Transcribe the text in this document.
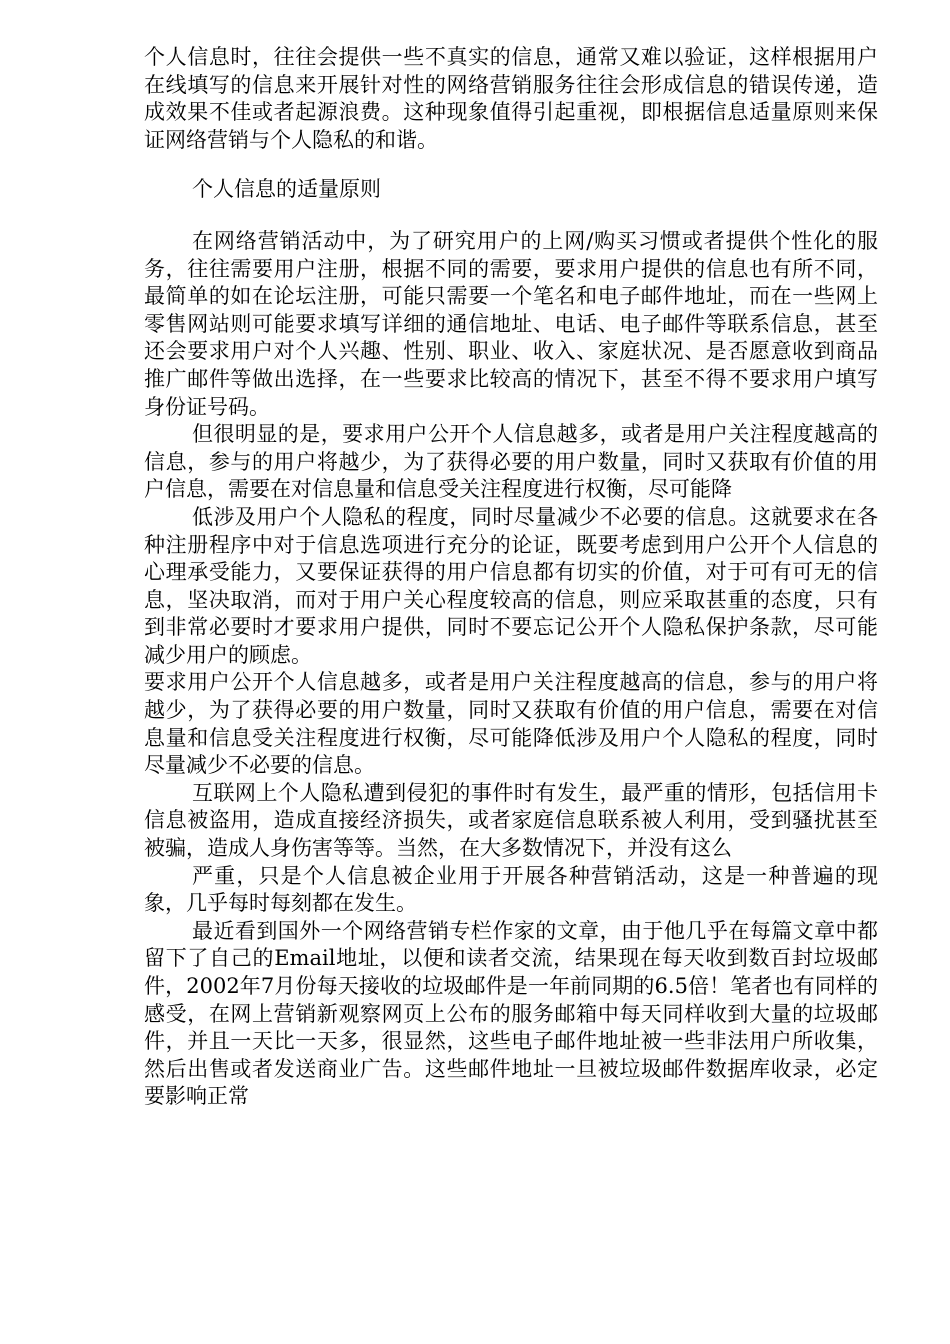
个人信息时，往往会提供一些不真实的信息，通常又难以验证，这样根据用户在线填写的信息来开展针对性的网络营销服务往往会形成信息的错误传递，造成效果不佳或者起源浪费。这种现象值得引起重视，即根据信息适量原则来保证网络营销与个人隐私的和谐。

个人信息的适量原则

在网络营销活动中，为了研究用户的上网/购买习惯或者提供个性化的服务，往往需要用户注册，根据不同的需要，要求用户提供的信息也有所不同，最简单的如在论坛注册，可能只需要一个笔名和电子邮件地址，而在一些网上零售网站则可能要求填写详细的通信地址、电话、电子邮件等联系信息，甚至还会要求用户对个人兴趣、性别、职业、收入、家庭状况、是否愿意收到商品推广邮件等做出选择，在一些要求比较高的情况下，甚至不得不要求用户填写身份证号码。

但很明显的是，要求用户公开个人信息越多，或者是用户关注程度越高的信息，参与的用户将越少，为了获得必要的用户数量，同时又获取有价值的用户信息，需要在对信息量和信息受关注程度进行权衡，尽可能降

低涉及用户个人隐私的程度，同时尽量减少不必要的信息。这就要求在各种注册程序中对于信息选项进行充分的论证，既要考虑到用户公开个人信息的心理承受能力，又要保证获得的用户信息都有切实的价值，对于可有可无的信息，坚决取消，而对于用户关心程度较高的信息，则应采取甚重的态度，只有到非常必要时才要求用户提供，同时不要忘记公开个人隐私保护条款，尽可能减少用户的顾虑。

要求用户公开个人信息越多，或者是用户关注程度越高的信息，参与的用户将越少，为了获得必要的用户数量，同时又获取有价值的用户信息，需要在对信息量和信息受关注程度进行权衡，尽可能降低涉及用户个人隐私的程度，同时尽量减少不必要的信息。

互联网上个人隐私遭到侵犯的事件时有发生，最严重的情形，包括信用卡信息被盗用，造成直接经济损失，或者家庭信息联系被人利用，受到骚扰甚至被骗，造成人身伤害等等。当然，在大多数情况下，并没有这么

严重，只是个人信息被企业用于开展各种营销活动，这是一种普遍的现象，几乎每时每刻都在发生。

最近看到国外一个网络营销专栏作家的文章，由于他几乎在每篇文章中都留下了自己的Email地址，以便和读者交流，结果现在每天收到数百封垃圾邮件，2002年7月份每天接收的垃圾邮件是一年前同期的6.5倍！笔者也有同样的感受，在网上营销新观察网页上公布的服务邮箱中每天同样收到大量的垃圾邮件，并且一天比一天多，很显然，这些电子邮件地址被一些非法用户所收集，然后出售或者发送商业广告。这些邮件地址一旦被垃圾邮件数据库收录，必定要影响正常
